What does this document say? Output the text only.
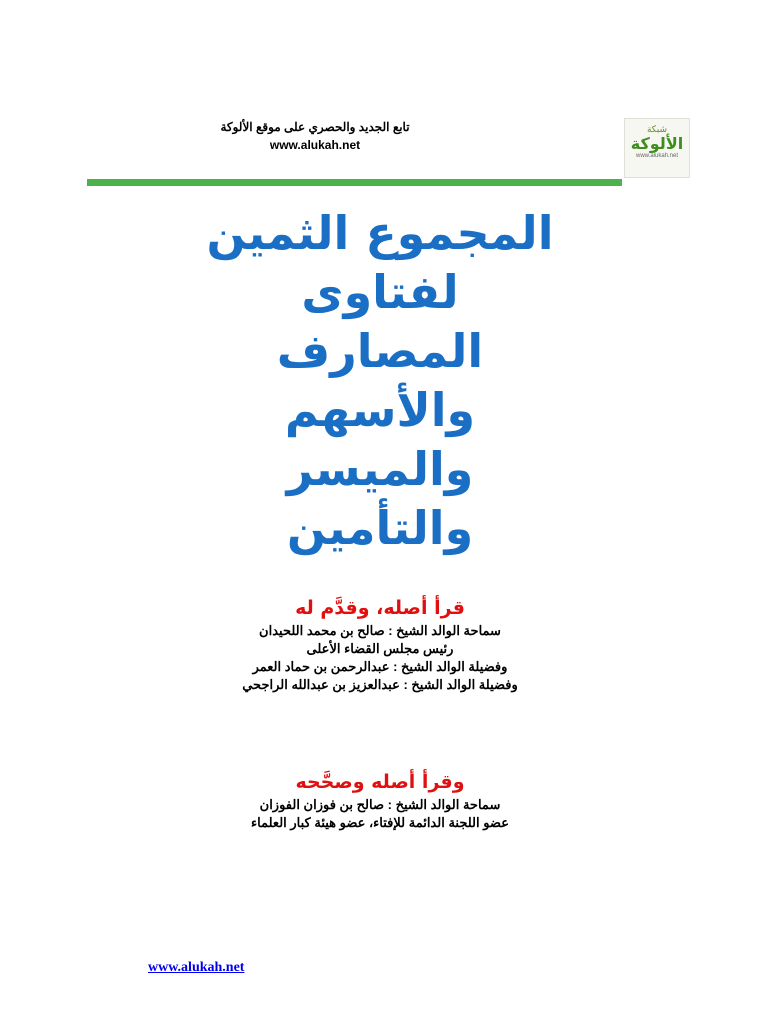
تابع الجديد والحصري على موقع الألوكة
www.alukah.net
شبكة
الألوكة
www.alukah.net
المجموع الثمين
لفتاوى
المصارف
والأسهم
والميسر
والتأمين
قرأ أصله، وقدَّم له
سماحة الوالد الشيخ : صالح بن محمد اللحيدان
رئيس مجلس القضاء الأعلى
وفضيلة الوالد الشيخ : عبدالرحمن بن حماد العمر
وفضيلة الوالد الشيخ : عبدالعزيز بن عبدالله الراجحي
وقرأ أصله وصحَّحه
سماحة الوالد الشيخ : صالح بن فوزان الفوزان
عضو اللجنة الدائمة للإفتاء، عضو هيئة كبار العلماء
www.alukah.net
